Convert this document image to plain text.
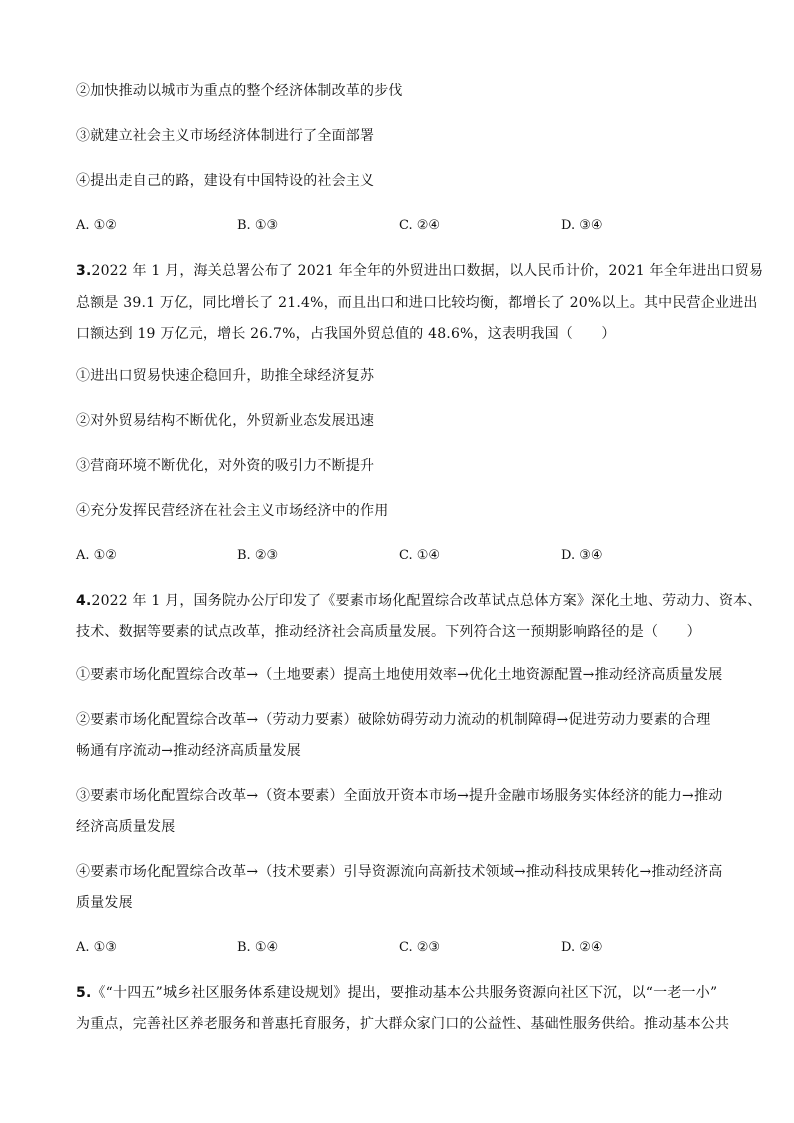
②加快推动以城市为重点的整个经济体制改革的步伐
③就建立社会主义市场经济体制进行了全面部署
④提出走自己的路，建设有中国特设的社会主义
A. ①②	B. ①③	C. ②④	D. ③④
3.2022 年 1 月，海关总署公布了 2021 年全年的外贸进出口数据，以人民币计价，2021 年全年进出口贸易
总额是 39.1 万亿，同比增长了 21.4%，而且出口和进口比较均衡，都增长了 20%以上。其中民营企业进出
口额达到 19 万亿元，增长 26.7%，占我国外贸总值的 48.6%，这表明我国（　　）
①进出口贸易快速企稳回升，助推全球经济复苏
②对外贸易结构不断优化，外贸新业态发展迅速
③营商环境不断优化，对外资的吸引力不断提升
④充分发挥民营经济在社会主义市场经济中的作用
A. ①②	B. ②③	C. ①④	D. ③④
4.2022 年 1 月，国务院办公厅印发了《要素市场化配置综合改革试点总体方案》深化土地、劳动力、资本、
技术、数据等要素的试点改革，推动经济社会高质量发展。下列符合这一预期影响路径的是（　　）
①要素市场化配置综合改革→（土地要素）提高土地使用效率→优化土地资源配置→推动经济高质量发展
②要素市场化配置综合改革→（劳动力要素）破除妨碍劳动力流动的机制障碍→促进劳动力要素的合理
畅通有序流动→推动经济高质量发展
③要素市场化配置综合改革→（资本要素）全面放开资本市场→提升金融市场服务实体经济的能力→推动
经济高质量发展
④要素市场化配置综合改革→（技术要素）引导资源流向高新技术领域→推动科技成果转化→推动经济高
质量发展
A. ①③	B. ①④	C. ②③	D. ②④
5.《“十四五”城乡社区服务体系建设规划》提出，要推动基本公共服务资源向社区下沉，以“一老一小”
为重点，完善社区养老服务和普惠托育服务，扩大群众家门口的公益性、基础性服务供给。推动基本公共
